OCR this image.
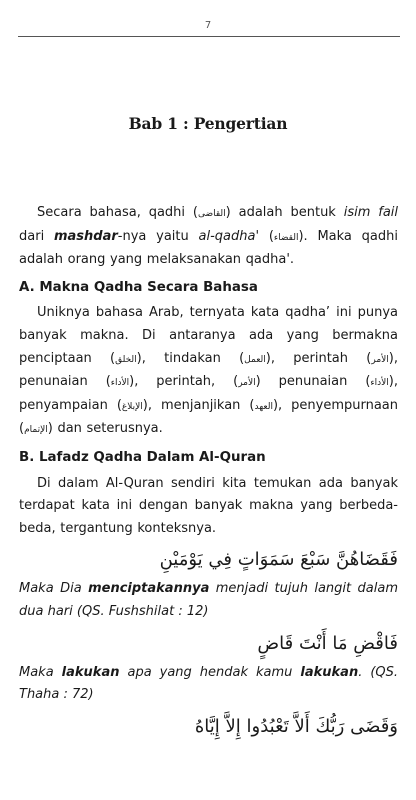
7
Bab 1 : Pengertian

Secara bahasa, qadhi (القاضى) adalah bentuk isim fail dari mashdar-nya yaitu al-qadha' (القضاء). Maka qadhi adalah orang yang melaksanakan qadha'.

A. Makna Qadha Secara Bahasa

Uniknya bahasa Arab, ternyata kata qadha’ ini punya banyak makna. Di antaranya ada yang bermakna penciptaan (الخلق), tindakan (العمل), perintah (الأمر), penunaian (الأداء), perintah, (الأمر) penunaian (الأداء), penyampaian (الإبلاغ), menjanjikan (العهد), penyempurnaan (الإتمام) dan seterusnya.

B. Lafadz Qadha Dalam Al-Quran

Di dalam Al-Quran sendiri kita temukan ada banyak terdapat kata ini dengan banyak makna yang berbeda-beda, tergantung konteksnya.

فَقَضَاهُنَّ سَبْعَ سَمَوَاتٍ فِي يَوْمَيْنِ

Maka Dia menciptakannya menjadi tujuh langit dalam dua hari (QS. Fushshilat : 12)

فَاقْضِ مَا أَنْتَ قَاضٍ

Maka lakukan apa yang hendak kamu lakukan. (QS. Thaha : 72)

وَقَضَى رَبُّكَ أَلاَّ تَعْبُدُوا إِلاَّ إِيَّاهُ
